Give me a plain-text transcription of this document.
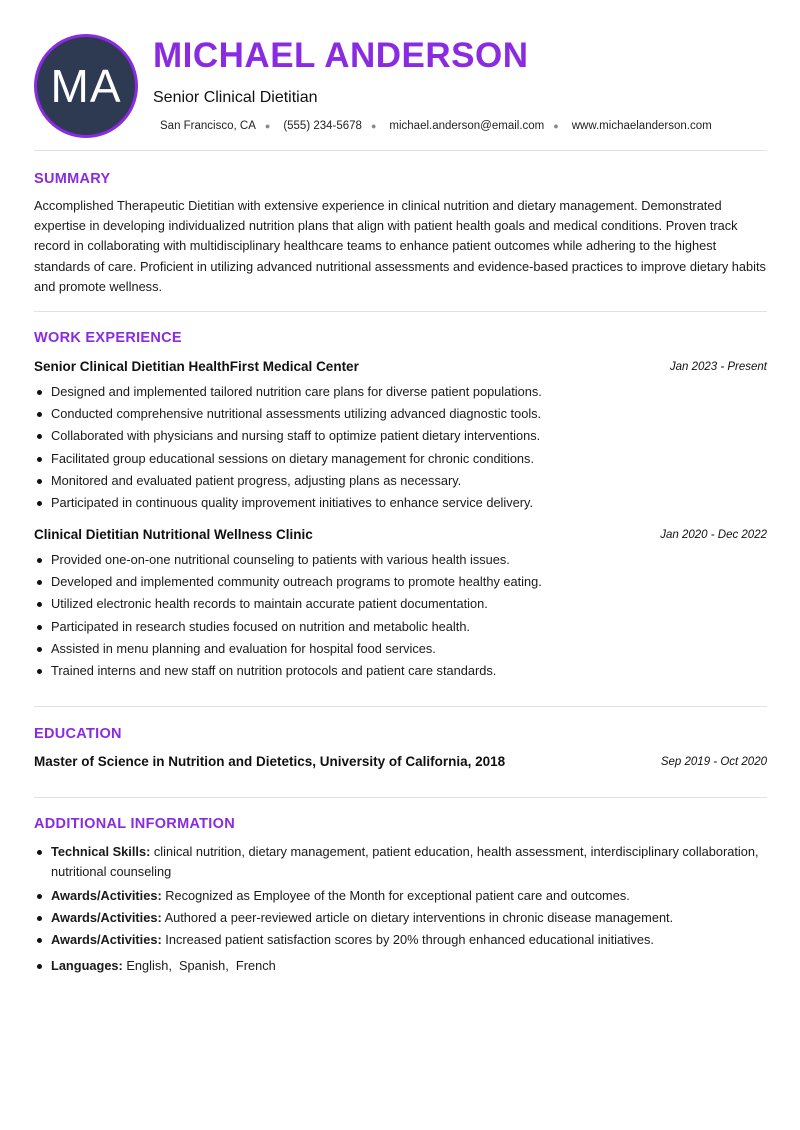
MA
MICHAEL ANDERSON
Senior Clinical Dietitian
San Francisco, CA ● (555) 234-5678 ● michael.anderson@email.com ● www.michaelanderson.com
SUMMARY
Accomplished Therapeutic Dietitian with extensive experience in clinical nutrition and dietary management. Demonstrated expertise in developing individualized nutrition plans that align with patient health goals and medical conditions. Proven track record in collaborating with multidisciplinary healthcare teams to enhance patient outcomes while adhering to the highest standards of care. Proficient in utilizing advanced nutritional assessments and evidence-based practices to improve dietary habits and promote wellness.
WORK EXPERIENCE
Senior Clinical Dietitian HealthFirst Medical Center	Jan 2023 - Present
Designed and implemented tailored nutrition care plans for diverse patient populations.
Conducted comprehensive nutritional assessments utilizing advanced diagnostic tools.
Collaborated with physicians and nursing staff to optimize patient dietary interventions.
Facilitated group educational sessions on dietary management for chronic conditions.
Monitored and evaluated patient progress, adjusting plans as necessary.
Participated in continuous quality improvement initiatives to enhance service delivery.
Clinical Dietitian Nutritional Wellness Clinic	Jan 2020 - Dec 2022
Provided one-on-one nutritional counseling to patients with various health issues.
Developed and implemented community outreach programs to promote healthy eating.
Utilized electronic health records to maintain accurate patient documentation.
Participated in research studies focused on nutrition and metabolic health.
Assisted in menu planning and evaluation for hospital food services.
Trained interns and new staff on nutrition protocols and patient care standards.
EDUCATION
Master of Science in Nutrition and Dietetics, University of California, 2018	Sep 2019 - Oct 2020
ADDITIONAL INFORMATION
Technical Skills: clinical nutrition, dietary management, patient education, health assessment, interdisciplinary collaboration, nutritional counseling
Awards/Activities: Recognized as Employee of the Month for exceptional patient care and outcomes.
Awards/Activities: Authored a peer-reviewed article on dietary interventions in chronic disease management.
Awards/Activities: Increased patient satisfaction scores by 20% through enhanced educational initiatives.
Languages: English,  Spanish,  French
